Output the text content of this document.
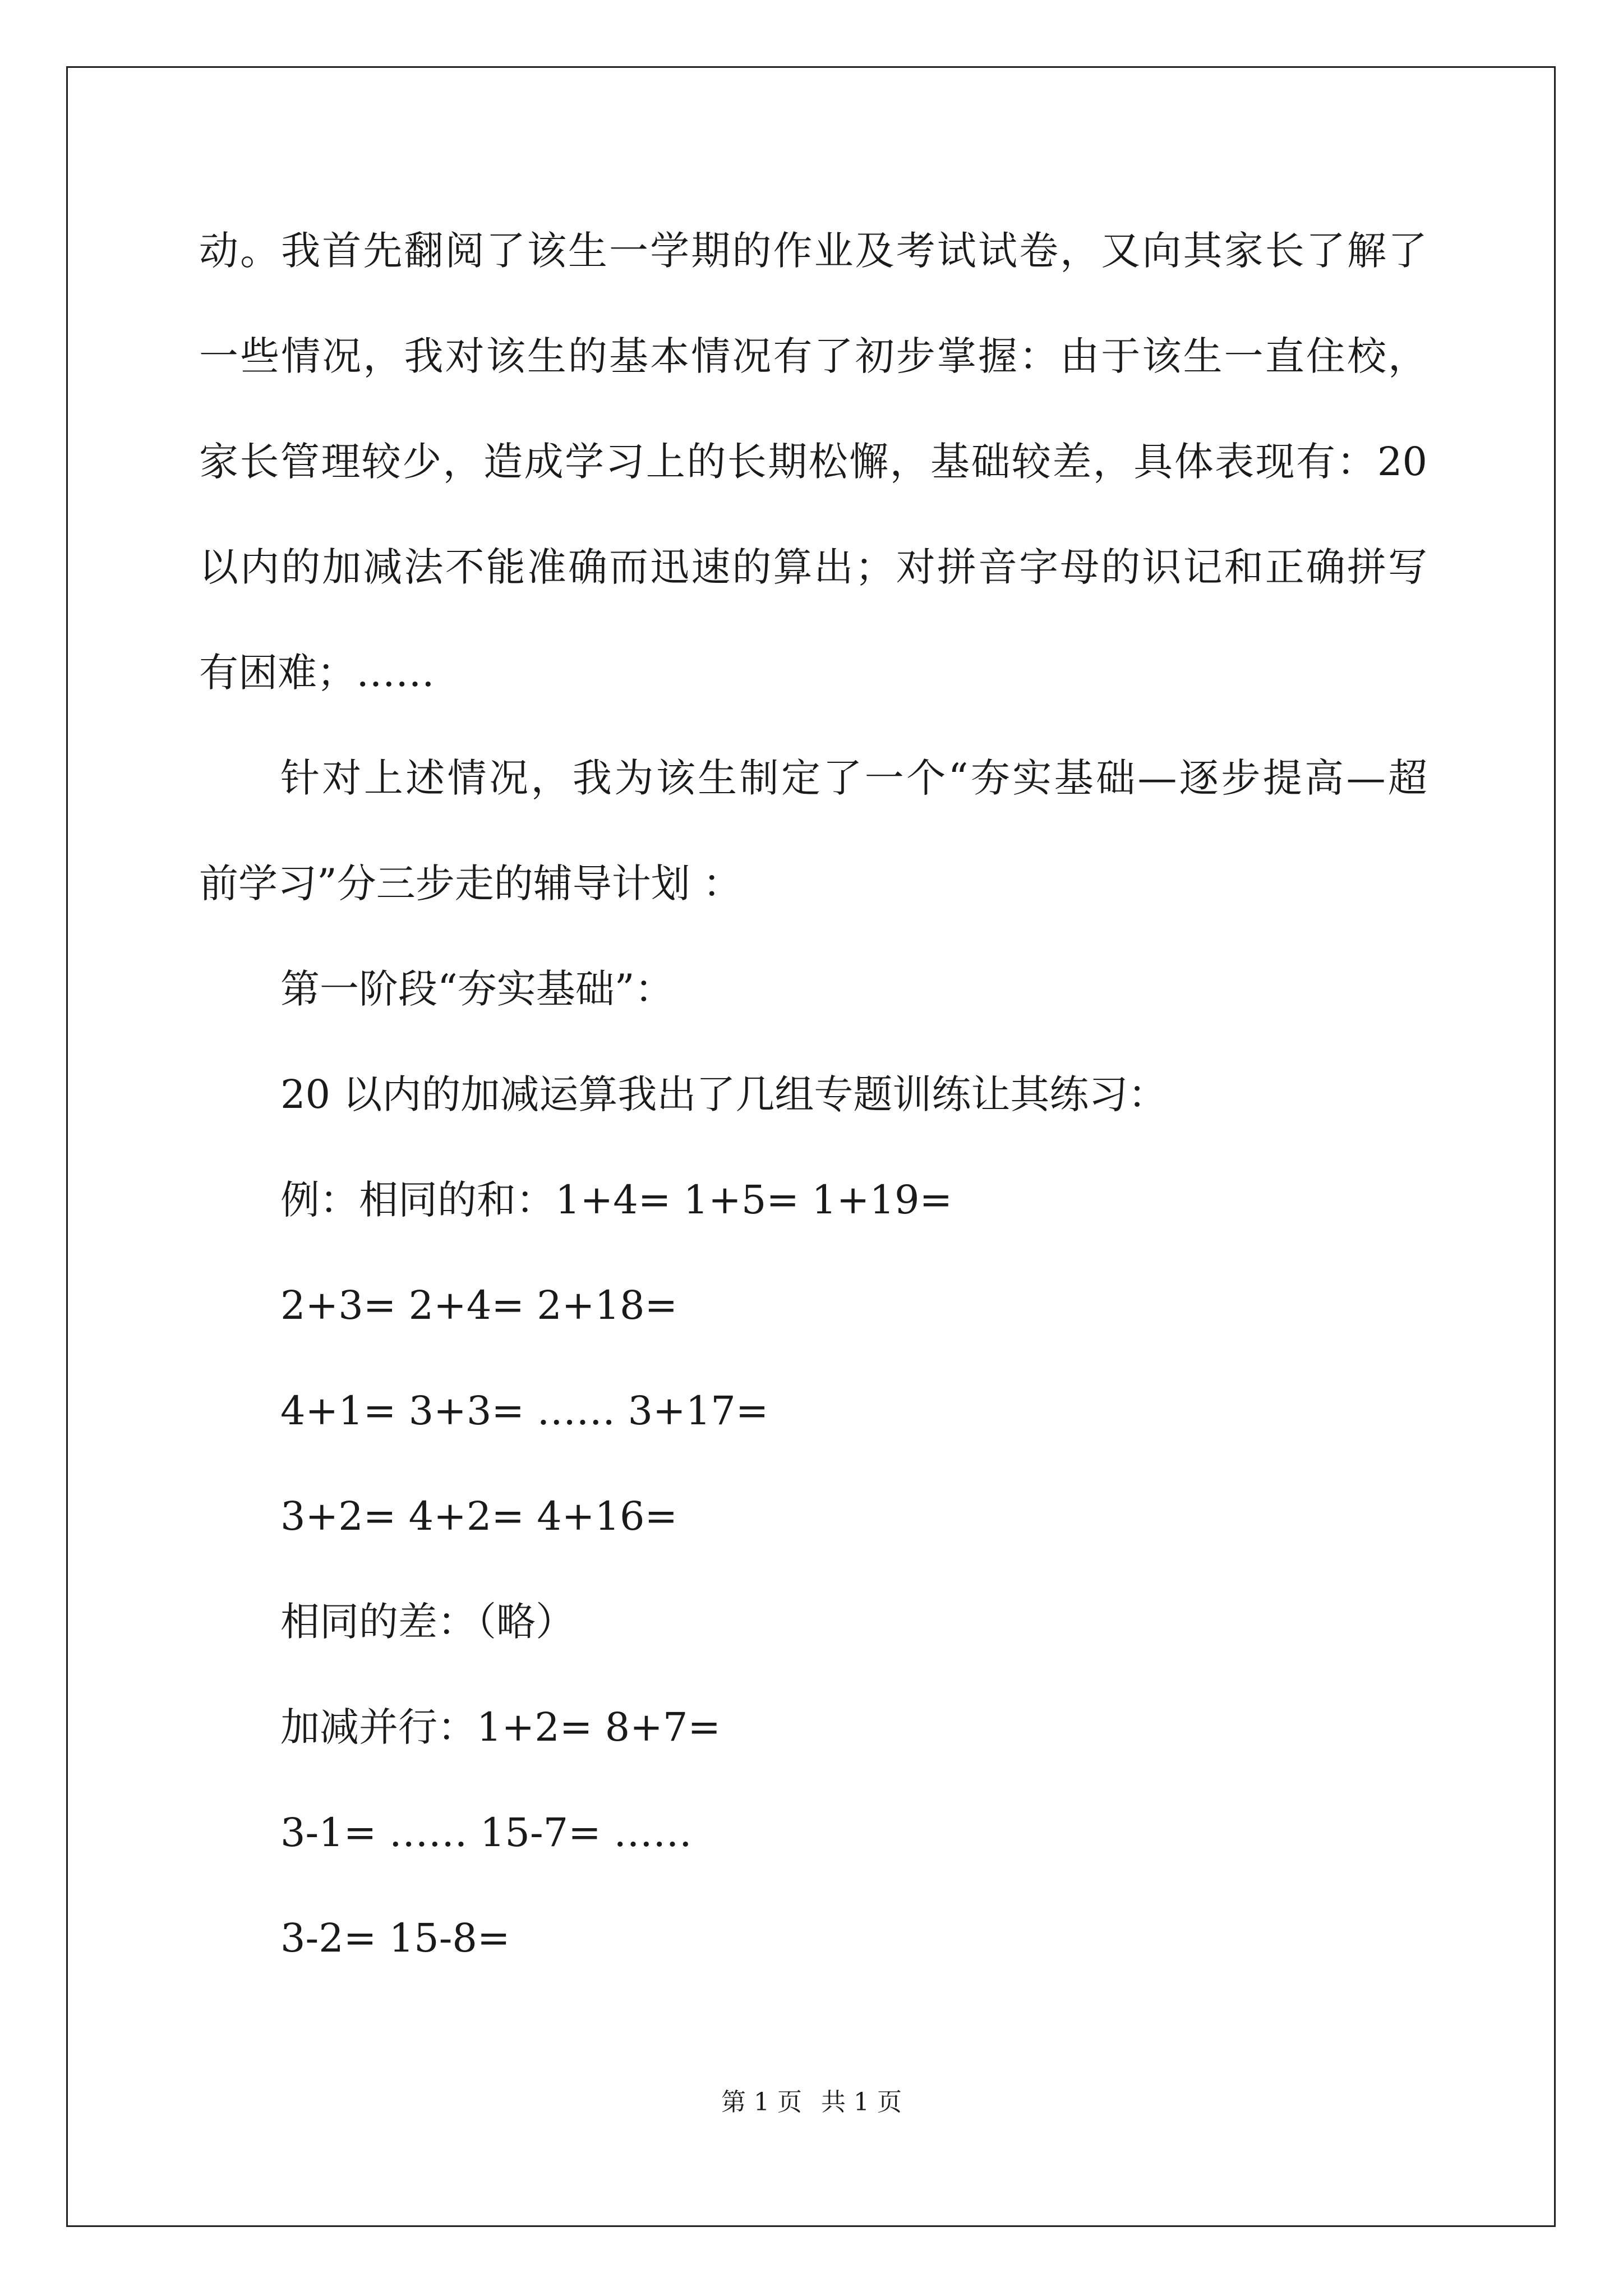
动。我首先翻阅了该生一学期的作业及考试试卷，又向其家长了解了
一些情况，我对该生的基本情况有了初步掌握：由于该生一直住校，
家长管理较少，造成学习上的长期松懈，基础较差，具体表现有：20
以内的加减法不能准确而迅速的算出；对拼音字母的识记和正确拼写
有困难；……
针对上述情况，我为该生制定了一个“夯实基础—逐步提高—超
前学习”分三步走的辅导计划 ：
第一阶段“夯实基础”：
20 以内的加减运算我出了几组专题训练让其练习：
例：相同的和：1+4= 1+5= 1+19=
2+3= 2+4= 2+18=
4+1= 3+3= …… 3+17=
3+2= 4+2= 4+16=
相同的差：（略）
加减并行：1+2= 8+7=
3-1= …… 15-7= ……
3-2= 15-8=
第 1 页 共 1 页
